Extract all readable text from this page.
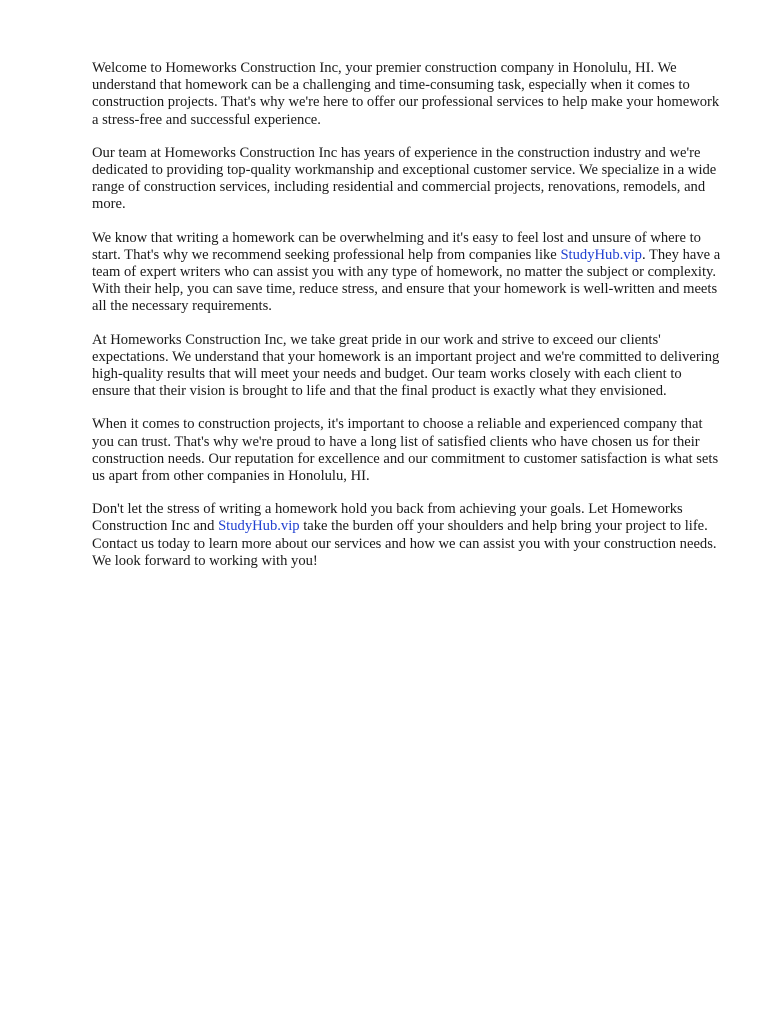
Welcome to Homeworks Construction Inc, your premier construction company in Honolulu, HI. We understand that homework can be a challenging and time-consuming task, especially when it comes to construction projects. That's why we're here to offer our professional services to help make your homework a stress-free and successful experience.

Our team at Homeworks Construction Inc has years of experience in the construction industry and we're dedicated to providing top-quality workmanship and exceptional customer service. We specialize in a wide range of construction services, including residential and commercial projects, renovations, remodels, and more.

We know that writing a homework can be overwhelming and it's easy to feel lost and unsure of where to start. That's why we recommend seeking professional help from companies like StudyHub.vip. They have a team of expert writers who can assist you with any type of homework, no matter the subject or complexity. With their help, you can save time, reduce stress, and ensure that your homework is well-written and meets all the necessary requirements.

At Homeworks Construction Inc, we take great pride in our work and strive to exceed our clients' expectations. We understand that your homework is an important project and we're committed to delivering high-quality results that will meet your needs and budget. Our team works closely with each client to ensure that their vision is brought to life and that the final product is exactly what they envisioned.

When it comes to construction projects, it's important to choose a reliable and experienced company that you can trust. That's why we're proud to have a long list of satisfied clients who have chosen us for their construction needs. Our reputation for excellence and our commitment to customer satisfaction is what sets us apart from other companies in Honolulu, HI.

Don't let the stress of writing a homework hold you back from achieving your goals. Let Homeworks Construction Inc and StudyHub.vip take the burden off your shoulders and help bring your project to life. Contact us today to learn more about our services and how we can assist you with your construction needs. We look forward to working with you!
